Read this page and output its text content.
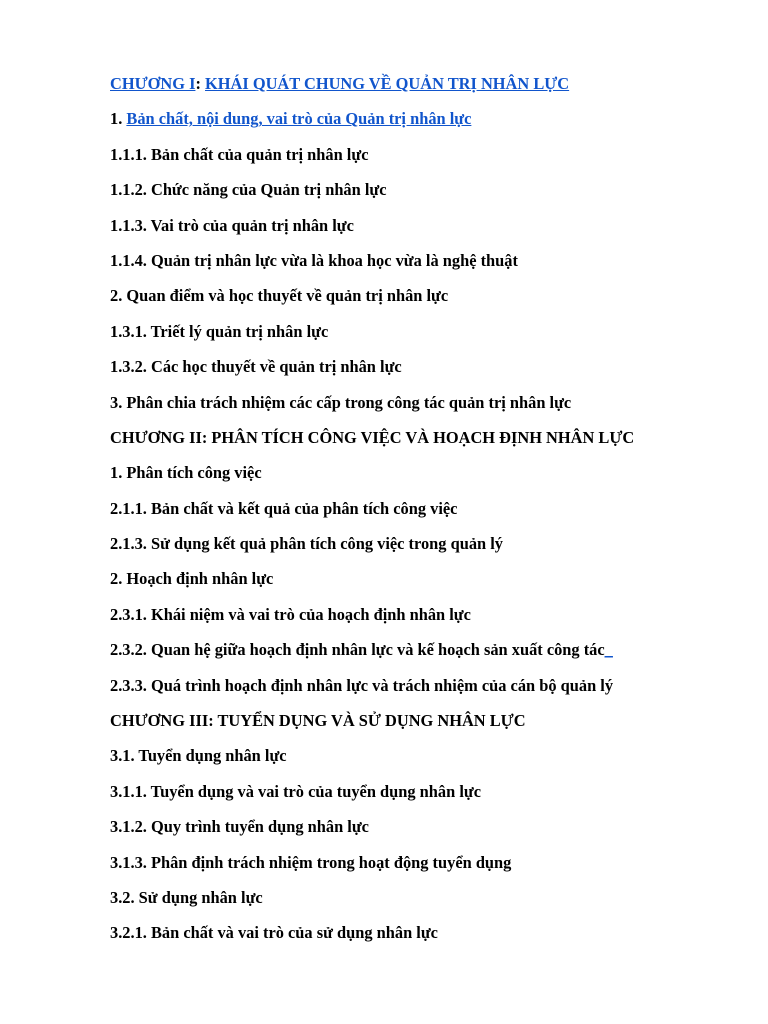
CHƯƠNG I: KHÁI QUÁT CHUNG VỀ QUẢN TRỊ NHÂN LỰC
1. Bản chất, nội dung, vai trò của Quản trị nhân lực
1.1.1. Bản chất của quản trị nhân lực
1.1.2. Chức năng của Quản trị nhân lực
1.1.3. Vai trò của quản trị nhân lực
1.1.4. Quản trị nhân lực vừa là khoa học vừa là nghệ thuật
2. Quan điểm và học thuyết về quản trị nhân lực
1.3.1. Triết lý quản trị nhân lực
1.3.2. Các học thuyết về quản trị nhân lực
3. Phân chia trách nhiệm các cấp trong công tác quản trị nhân lực
CHƯƠNG II: PHÂN TÍCH CÔNG VIỆC VÀ HOẠCH ĐỊNH NHÂN LỰC
1. Phân tích công việc
2.1.1. Bản chất và kết quả của phân tích công việc
2.1.3. Sử dụng kết quả phân tích công việc trong quản lý
2. Hoạch định nhân lực
2.3.1. Khái niệm và vai trò của hoạch định nhân lực
2.3.2. Quan hệ giữa hoạch định nhân lực và kế hoạch sản xuất công tác_
2.3.3. Quá trình hoạch định nhân lực và trách nhiệm của cán bộ quản lý
CHƯƠNG III: TUYỂN DỤNG VÀ SỬ DỤNG NHÂN LỰC
3.1. Tuyển dụng nhân lực
3.1.1. Tuyển dụng và vai trò của tuyển dụng nhân lực
3.1.2. Quy trình tuyển dụng nhân lực
3.1.3. Phân định trách nhiệm trong hoạt động tuyển dụng
3.2. Sử dụng nhân lực
3.2.1. Bản chất và vai trò của sử dụng nhân lực
